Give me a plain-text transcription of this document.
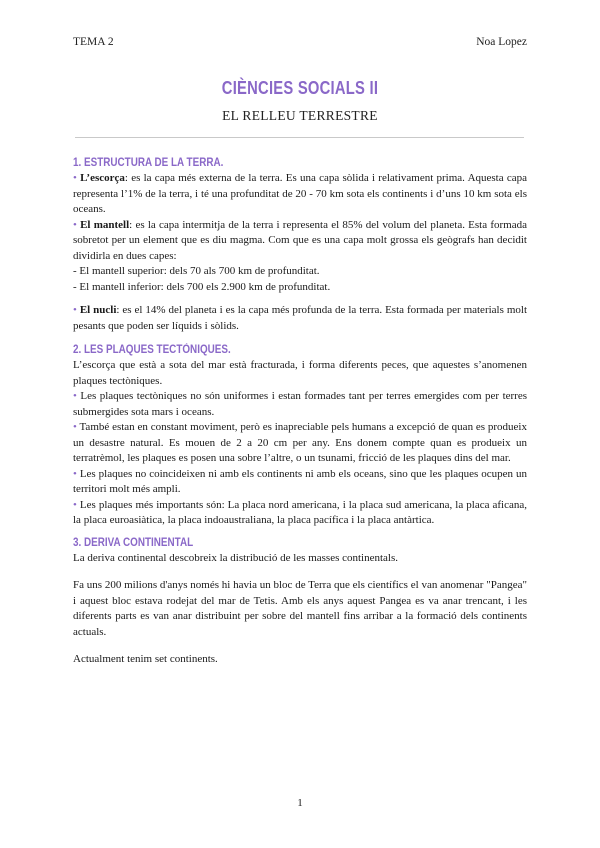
TEMA 2	Noa Lopez
CIÈNCIES SOCIALS II
EL RELLEU TERRESTRE
1. ESTRUCTURA DE LA TERRA.

• L’escorça: es la capa més externa de la terra. Es una capa sòlida i relativament prima. Aquesta capa representa l’1% de la terra, i té una profunditat de 20 - 70 km sota els continents i d’uns 10 km sota els oceans.

• El mantell: es la capa intermitja de la terra i representa el 85% del volum del planeta. Esta formada sobretot per un element que es diu magma. Com que es una capa molt grossa els geògrafs han decidit dividirla en dues capes:

- El mantell superior: dels 70 als 700 km de profunditat.

- El mantell inferior: dels 700 els 2.900 km de profunditat.

• El nucli: es el 14% del planeta i es la capa més profunda de la terra. Esta formada per materials molt pesants que poden ser líquids i sòlids.

2. LES PLAQUES TECTÒNIQUES.

L’escorça que està a sota del mar està fracturada, i forma diferents peces, que aquestes s’anomenen plaques tectòniques.

• Les plaques tectòniques no són uniformes i estan formades tant per terres emergides com per terres submergides sota mars i oceans.

• També estan en constant moviment, però es inapreciable pels humans a excepció de quan es produeix un desastre natural. Es mouen de 2 a 20 cm per any. Ens donem compte quan es produeix un terratrèmol, les plaques es posen una sobre l’altre, o un tsunami, fricció de les plaques dins del mar.

• Les plaques no coincideixen ni amb els continents ni amb els oceans, sino que les plaques ocupen un territori molt més ampli.

• Les plaques més importants són: La placa nord americana, i la placa sud americana, la placa aficana, la placa euroasiàtica, la placa indoaustraliana, la placa pacífica i la placa antàrtica.

3. DERIVA CONTINENTAL

La deriva continental descobreix la distribució de les masses continentals.

Fa uns 200 milions d'anys només hi havia un bloc de Terra que els científics el van anomenar "Pangea" i aquest bloc estava rodejat del mar de Tetis. Amb els anys aquest Pangea es va anar trencant, i les diferents parts es van anar distribuint per sobre del mantell fins arribar a la formació dels continents actuals.

Actualment tenim set continents.

1
